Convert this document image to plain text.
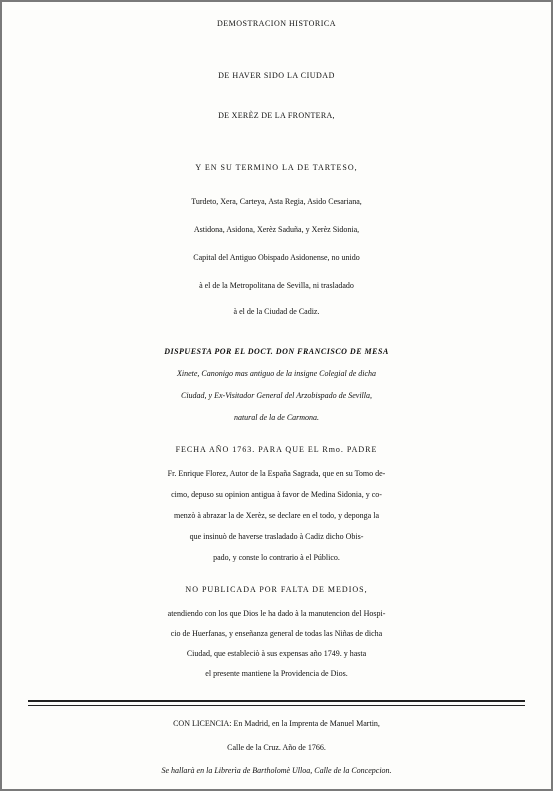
DEMOSTRACION HISTORICA
DE HAVER SIDO LA CIUDAD
DE XERÈZ DE LA FRONTERA,
Y EN SU TERMINO LA DE TARTESO,
Turdeto, Xera, Carteya, Asta Regia, Asido Cesariana,
Astidona, Asidona, Xerèz Saduña, y Xerèz Sidonia,
Capital del Antiguo Obispado Asidonense, no unido
à el de la Metropolitana de Sevilla, ni trasladado
à el de la Ciudad de Cadiz.
DISPUESTA POR EL DOCT. DON FRANCISCO DE MESA
Xinete, Canonigo mas antiguo de la insigne Colegial de dicha
Ciudad, y Ex-Visitador General del Arzobispado de Sevilla,
natural de la de Carmona.
FECHA AÑO 1763. PARA QUE EL Rmo. PADRE
Fr. Enrique Florez, Autor de la España Sagrada, que en su Tomo de-
cimo, depuso su opinion antigua à favor de Medina Sidonia, y co-
menzò à abrazar la de Xerèz, se declare en el todo, y deponga la
que insinuò de haverse trasladado à Cadiz dicho Obis-
pado, y conste lo contrario à el Público.
NO PUBLICADA POR FALTA DE MEDIOS,
atendiendo con los que Dios le ha dado à la manutencion del Hospi-
cio de Huerfanas, y enseñanza general de todas las Niñas de dicha
Ciudad, que estableciò à sus expensas año 1749. y hasta
el presente mantiene la Providencia de Dios.
CON LICENCIA: En Madrid, en la Imprenta de Manuel Martin,
Calle de la Cruz. Año de 1766.
Se hallarà en la Librerìa de Bartholomè Ulloa, Calle de la Concepcion.
